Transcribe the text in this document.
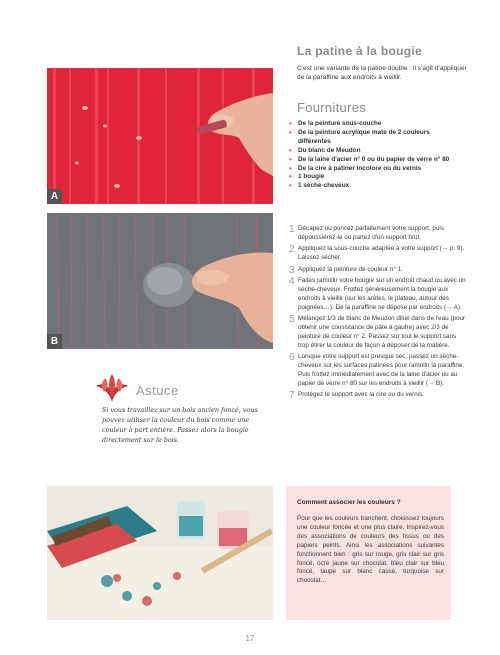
A
B
La patine à la bougie
C'est une variante de la patine double : il s'agit d'appliquer de la paraffine aux endroits à vieillir.
Fournitures
• De la peinture sous-couche
• De la peinture acrylique mate de 2 couleurs différentes
• Du blanc de Meudon
• De la laine d'acier n° 0 ou du papier de verre n° 80
• De la cire à patiner incolore ou du vernis
• 1 bougie
• 1 sèche-cheveux
1 Décapez ou poncez parfaitement votre support, puis dépoussiérez-le ou partez d'un support brut.
2 Appliquez la sous-couche adaptée à votre support (→ p. 9). Laissez sécher.
3 Appliquez la peinture de couleur n° 1.
4 Faites ramollir votre bougie sur un endroit chaud ou avec un sèche-cheveux. Frottez généreusement la bougie aux endroits à vieillir (sur les arêtes, le plateau, autour des poignées…). De la paraffine se dépose par endroits (→ A).
5 Mélangez 1/3 de blanc de Meudon dilué dans de l'eau (pour obtenir une consistance de pâte à gaufre) avec 2/3 de peinture de couleur n° 2. Passez sur tout le support sans trop étirer la couleur de façon à déposer de la matière.
6 Lorsque votre support est presque sec, passez un sèche-cheveux sur les surfaces patinées pour ramollir la paraffine. Puis frottez immédiatement avec de la laine d'acier ou au papier de verre n° 80 sur les endroits à vieillir (→ B).
7 Protégez le support avec la cire ou du vernis.
Astuce
Si vous travaillez sur un bois ancien foncé, vous pouvez utiliser la couleur du bois comme une couleur à part entière. Passez alors la bougie directement sur le bois.
Comment associer les couleurs ?
Pour que les couleurs tranchent, choisissez toujours une couleur foncée et une plus claire. Inspirez-vous des associations de couleurs des tissus ou des papiers peints. Ainsi les associations suivantes fonctionnent bien : gris sur rouge, gris clair sur gris foncé, ocre jaune sur chocolat, bleu clair sur bleu foncé, taupe sur blanc cassé, turquoise sur chocolat…
17
